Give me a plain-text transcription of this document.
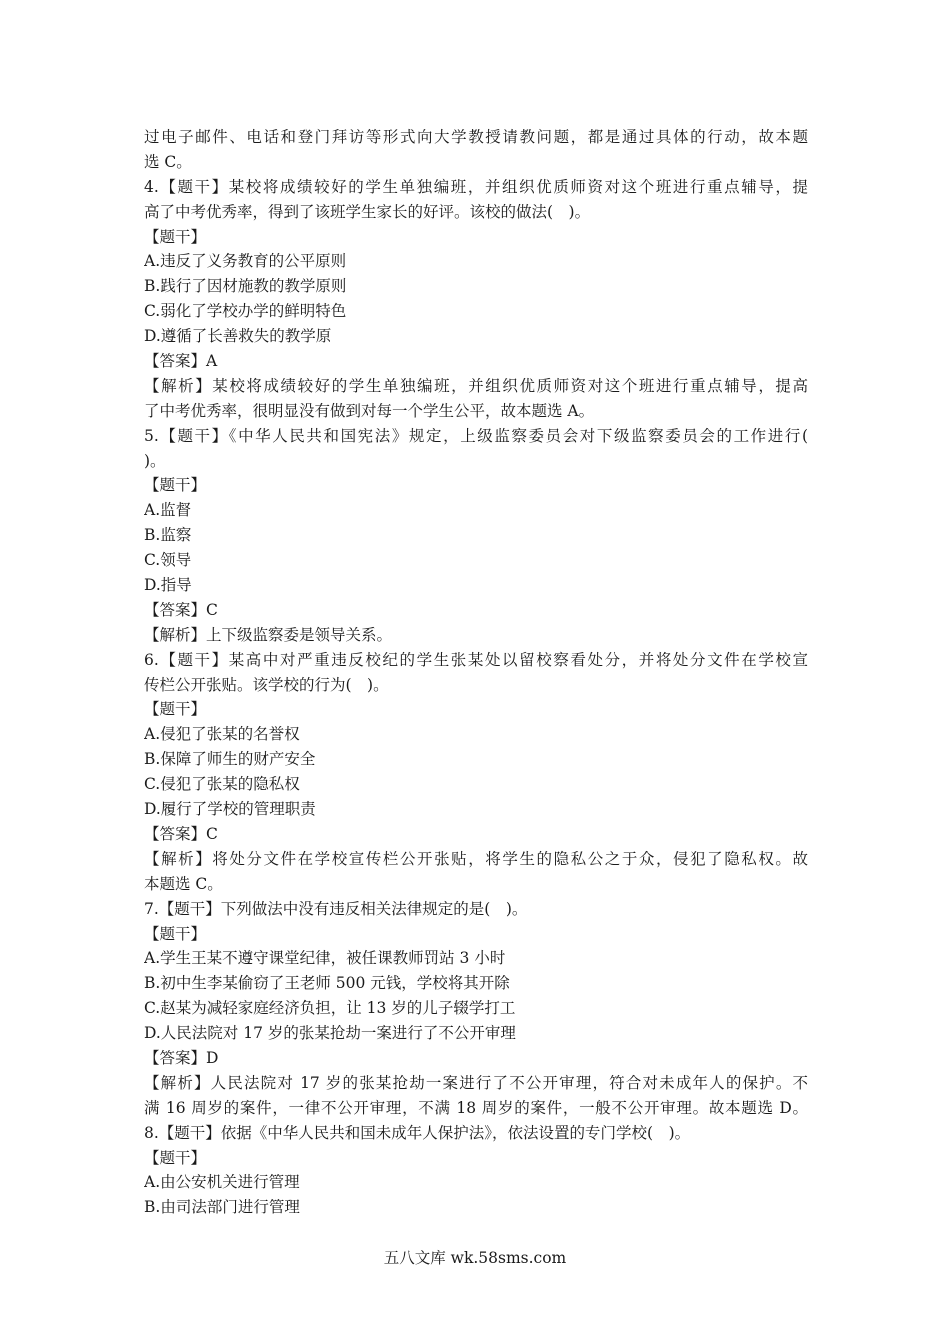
过电子邮件、电话和登门拜访等形式向大学教授请教问题，都是通过具体的行动，故本题
选 C。
4.【题干】某校将成绩较好的学生单独编班，并组织优质师资对这个班进行重点辅导，提
高了中考优秀率，得到了该班学生家长的好评。该校的做法(　)。
【题干】
A.违反了义务教育的公平原则
B.践行了因材施教的教学原则
C.弱化了学校办学的鲜明特色
D.遵循了长善救失的教学原
【答案】A
【解析】某校将成绩较好的学生单独编班，并组织优质师资对这个班进行重点辅导，提高
了中考优秀率，很明显没有做到对每一个学生公平，故本题选 A。
5.【题干】《中华人民共和国宪法》规定，上级监察委员会对下级监察委员会的工作进行(
)。
【题干】
A.监督
B.监察
C.领导
D.指导
【答案】C
【解析】上下级监察委是领导关系。
6.【题干】某高中对严重违反校纪的学生张某处以留校察看处分，并将处分文件在学校宣
传栏公开张贴。该学校的行为(　)。
【题干】
A.侵犯了张某的名誉权
B.保障了师生的财产安全
C.侵犯了张某的隐私权
D.履行了学校的管理职责
【答案】C
【解析】将处分文件在学校宣传栏公开张贴，将学生的隐私公之于众，侵犯了隐私权。故
本题选 C。
7.【题干】下列做法中没有违反相关法律规定的是(　)。
【题干】
A.学生王某不遵守课堂纪律，被任课教师罚站 3 小时
B.初中生李某偷窃了王老师 500 元钱，学校将其开除
C.赵某为减轻家庭经济负担，让 13 岁的儿子辍学打工
D.人民法院对 17 岁的张某抢劫一案进行了不公开审理
【答案】D
【解析】人民法院对 17 岁的张某抢劫一案进行了不公开审理，符合对未成年人的保护。不
满 16 周岁的案件，一律不公开审理，不满 18 周岁的案件，一般不公开审理。故本题选 D。
8.【题干】依据《中华人民共和国未成年人保护法》，依法设置的专门学校(　)。
【题干】
A.由公安机关进行管理
B.由司法部门进行管理
五八文库 wk.58sms.com
